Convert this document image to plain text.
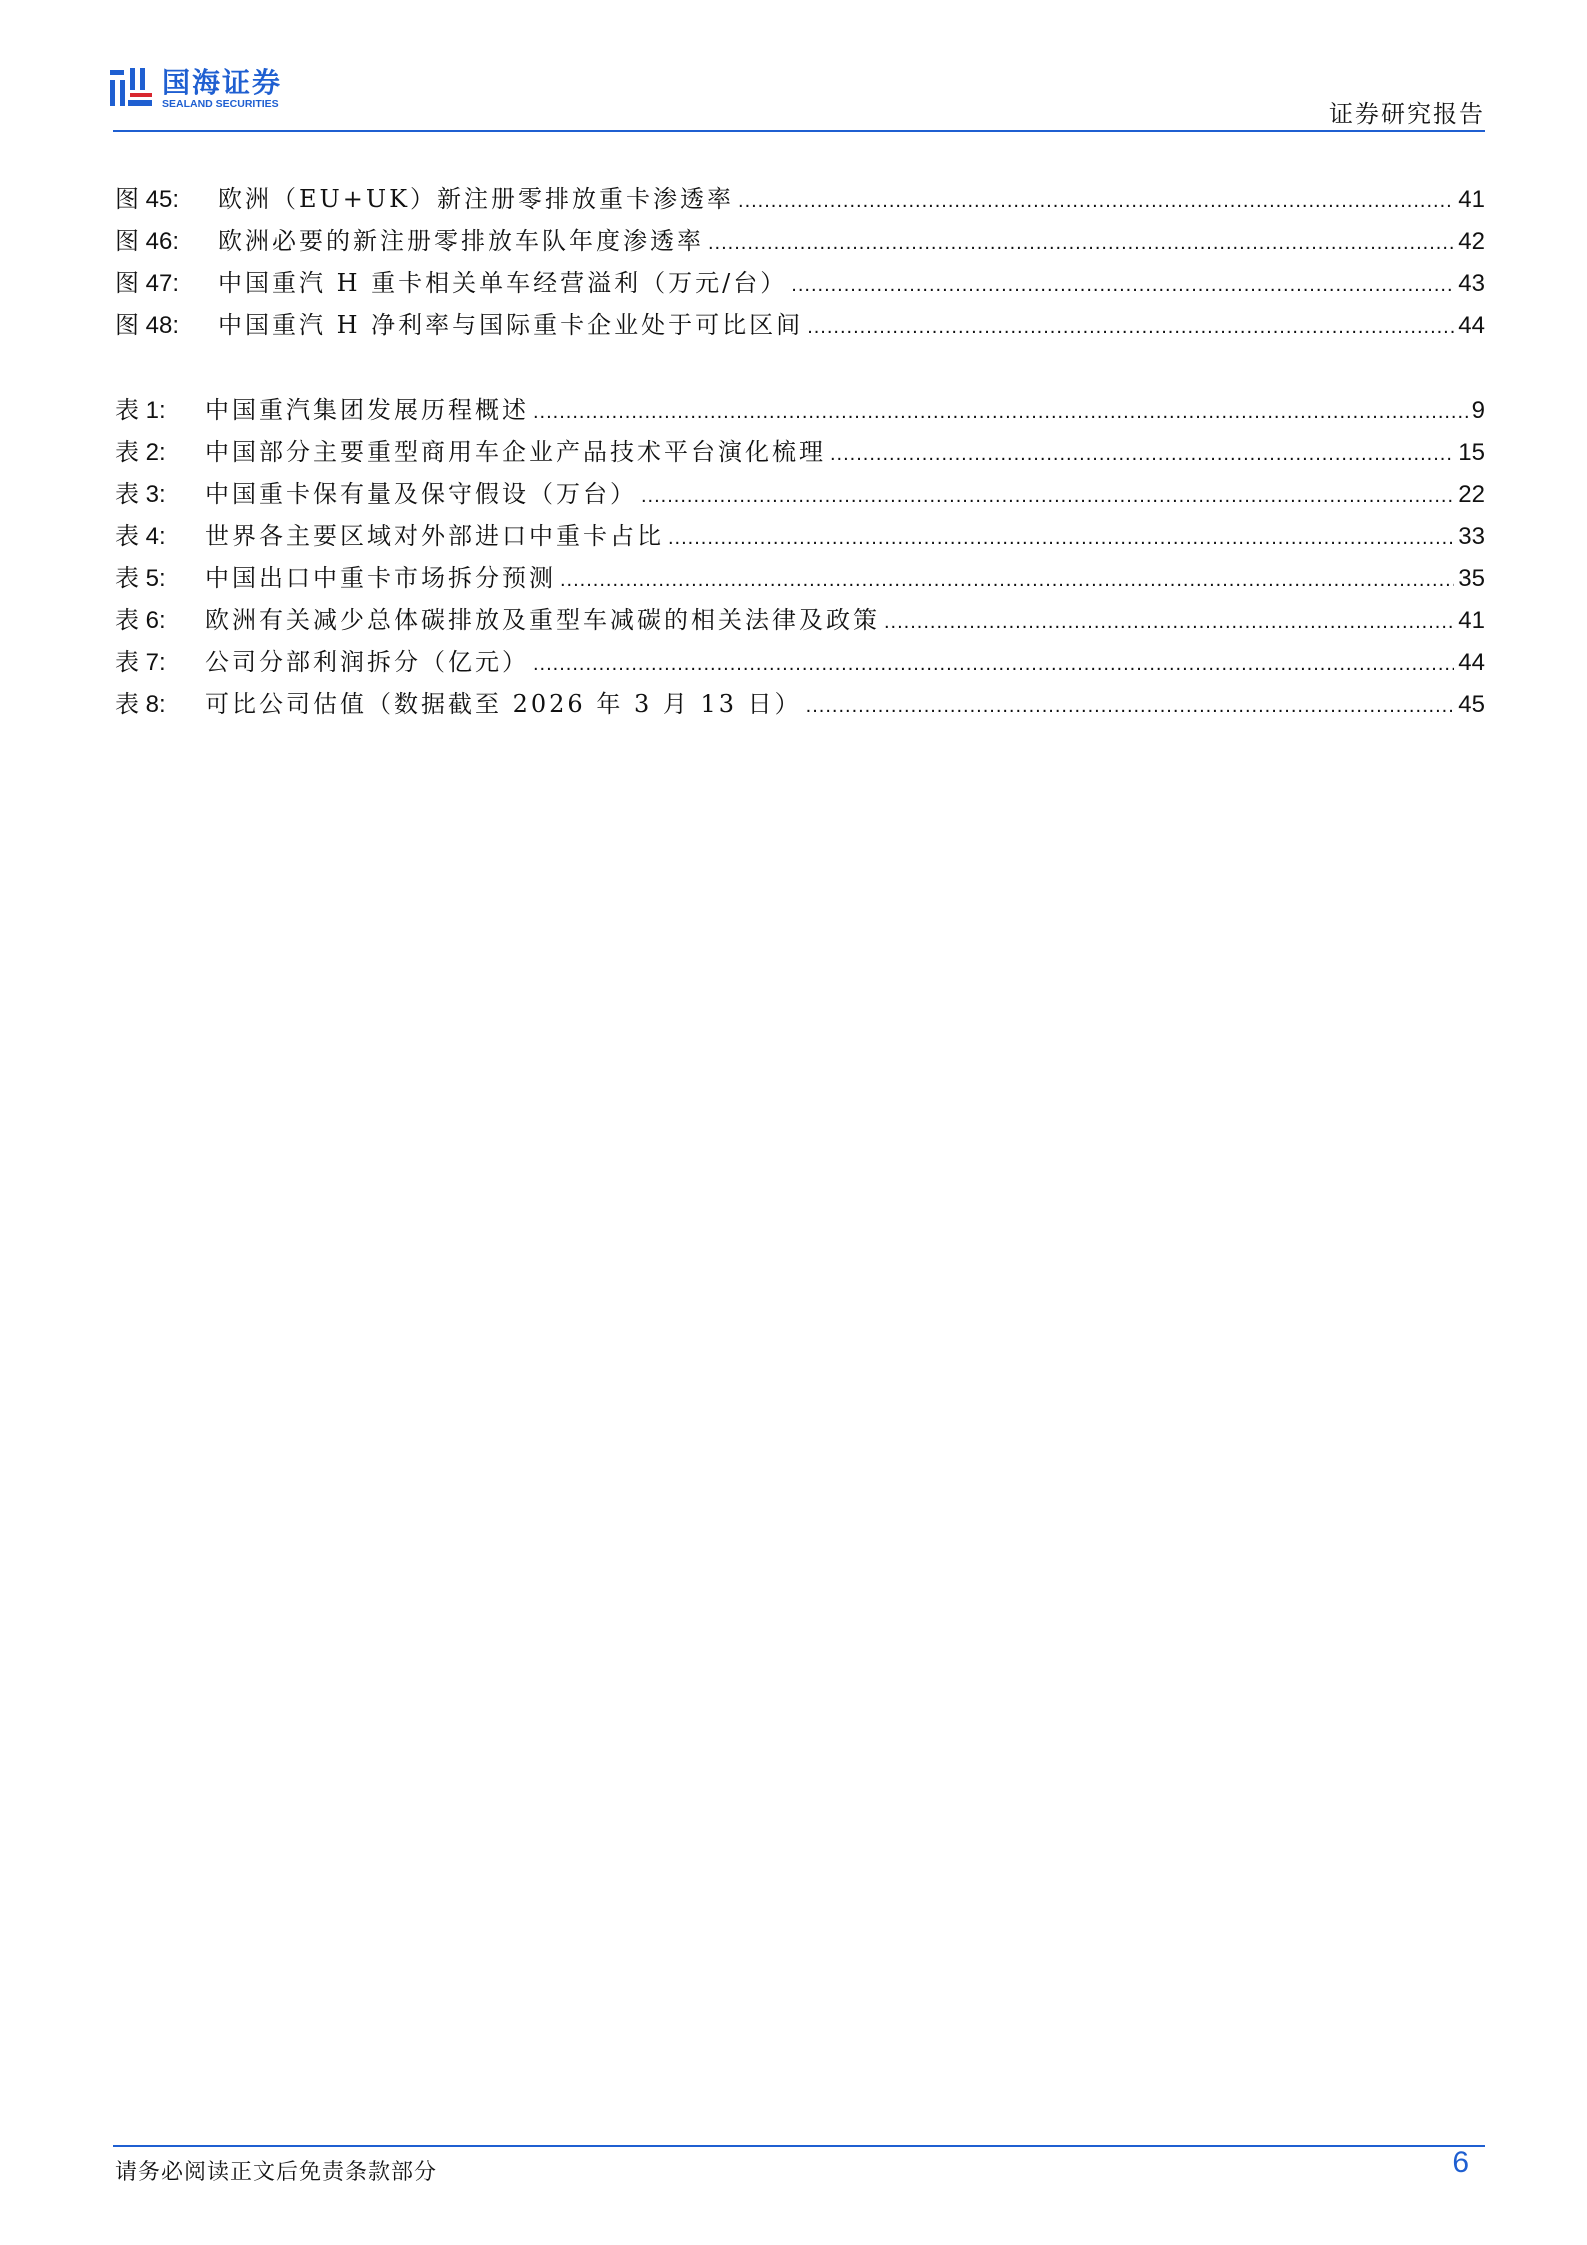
国海证券
SEALAND SECURITIES	证券研究报告
图 45:	欧洲（EU+UK）新注册零排放重卡渗透率 .....	41
图 46:	欧洲必要的新注册零排放车队年度渗透率 .....	42
图 47:	中国重汽 H 重卡相关单车经营溢利（万元/台） .....	43
图 48:	中国重汽 H 净利率与国际重卡企业处于可比区间 .....	44
表 1:	中国重汽集团发展历程概述 .....	9
表 2:	中国部分主要重型商用车企业产品技术平台演化梳理 .....	15
表 3:	中国重卡保有量及保守假设（万台） .....	22
表 4:	世界各主要区域对外部进口中重卡占比 .....	33
表 5:	中国出口中重卡市场拆分预测 .....	35
表 6:	欧洲有关减少总体碳排放及重型车减碳的相关法律及政策 .....	41
表 7:	公司分部利润拆分（亿元） .....	44
表 8:	可比公司估值（数据截至 2026 年 3 月 13 日） .....	45
请务必阅读正文后免责条款部分	6
